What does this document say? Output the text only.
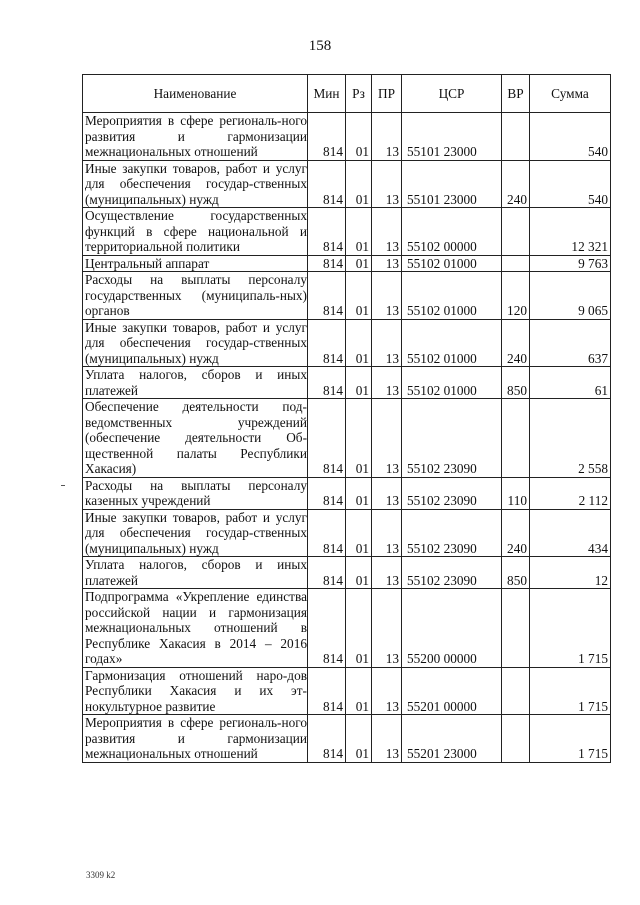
158
Наименование	Мин	Рз	ПР	ЦСР	ВР	Сумма
Мероприятия в сфере региональ-ного развития и гармонизации межнациональных отношений	814	01	13	55101 23000		540
Иные закупки товаров, работ и услуг для обеспечения государ-ственных (муниципальных) нужд	814	01	13	55101 23000	240	540
Осуществление государственных функций в сфере национальной и территориальной политики	814	01	13	55102 00000		12 321
Центральный аппарат	814	01	13	55102 01000		9 763
Расходы на выплаты персоналу государственных (муниципаль-ных) органов	814	01	13	55102 01000	120	9 065
Иные закупки товаров, работ и услуг для обеспечения государ-ственных (муниципальных) нужд	814	01	13	55102 01000	240	637
Уплата налогов, сборов и иных платежей	814	01	13	55102 01000	850	61
Обеспечение деятельности под-ведомственных учреждений (обеспечение деятельности Об-щественной палаты Республики Хакасия)	814	01	13	55102 23090		2 558
Расходы на выплаты персоналу казенных учреждений	814	01	13	55102 23090	110	2 112
Иные закупки товаров, работ и услуг для обеспечения государ-ственных (муниципальных) нужд	814	01	13	55102 23090	240	434
Уплата налогов, сборов и иных платежей	814	01	13	55102 23090	850	12
Подпрограмма «Укрепление единства российской нации и гармонизация межнациональных отношений в Республике Хакасия в 2014 – 2016 годах»	814	01	13	55200 00000		1 715
Гармонизация отношений наро-дов Республики Хакасия и их эт-нокультурное развитие	814	01	13	55201 00000		1 715
Мероприятия в сфере региональ-ного развития и гармонизации межнациональных отношений	814	01	13	55201 23000		1 715
3309 k2
